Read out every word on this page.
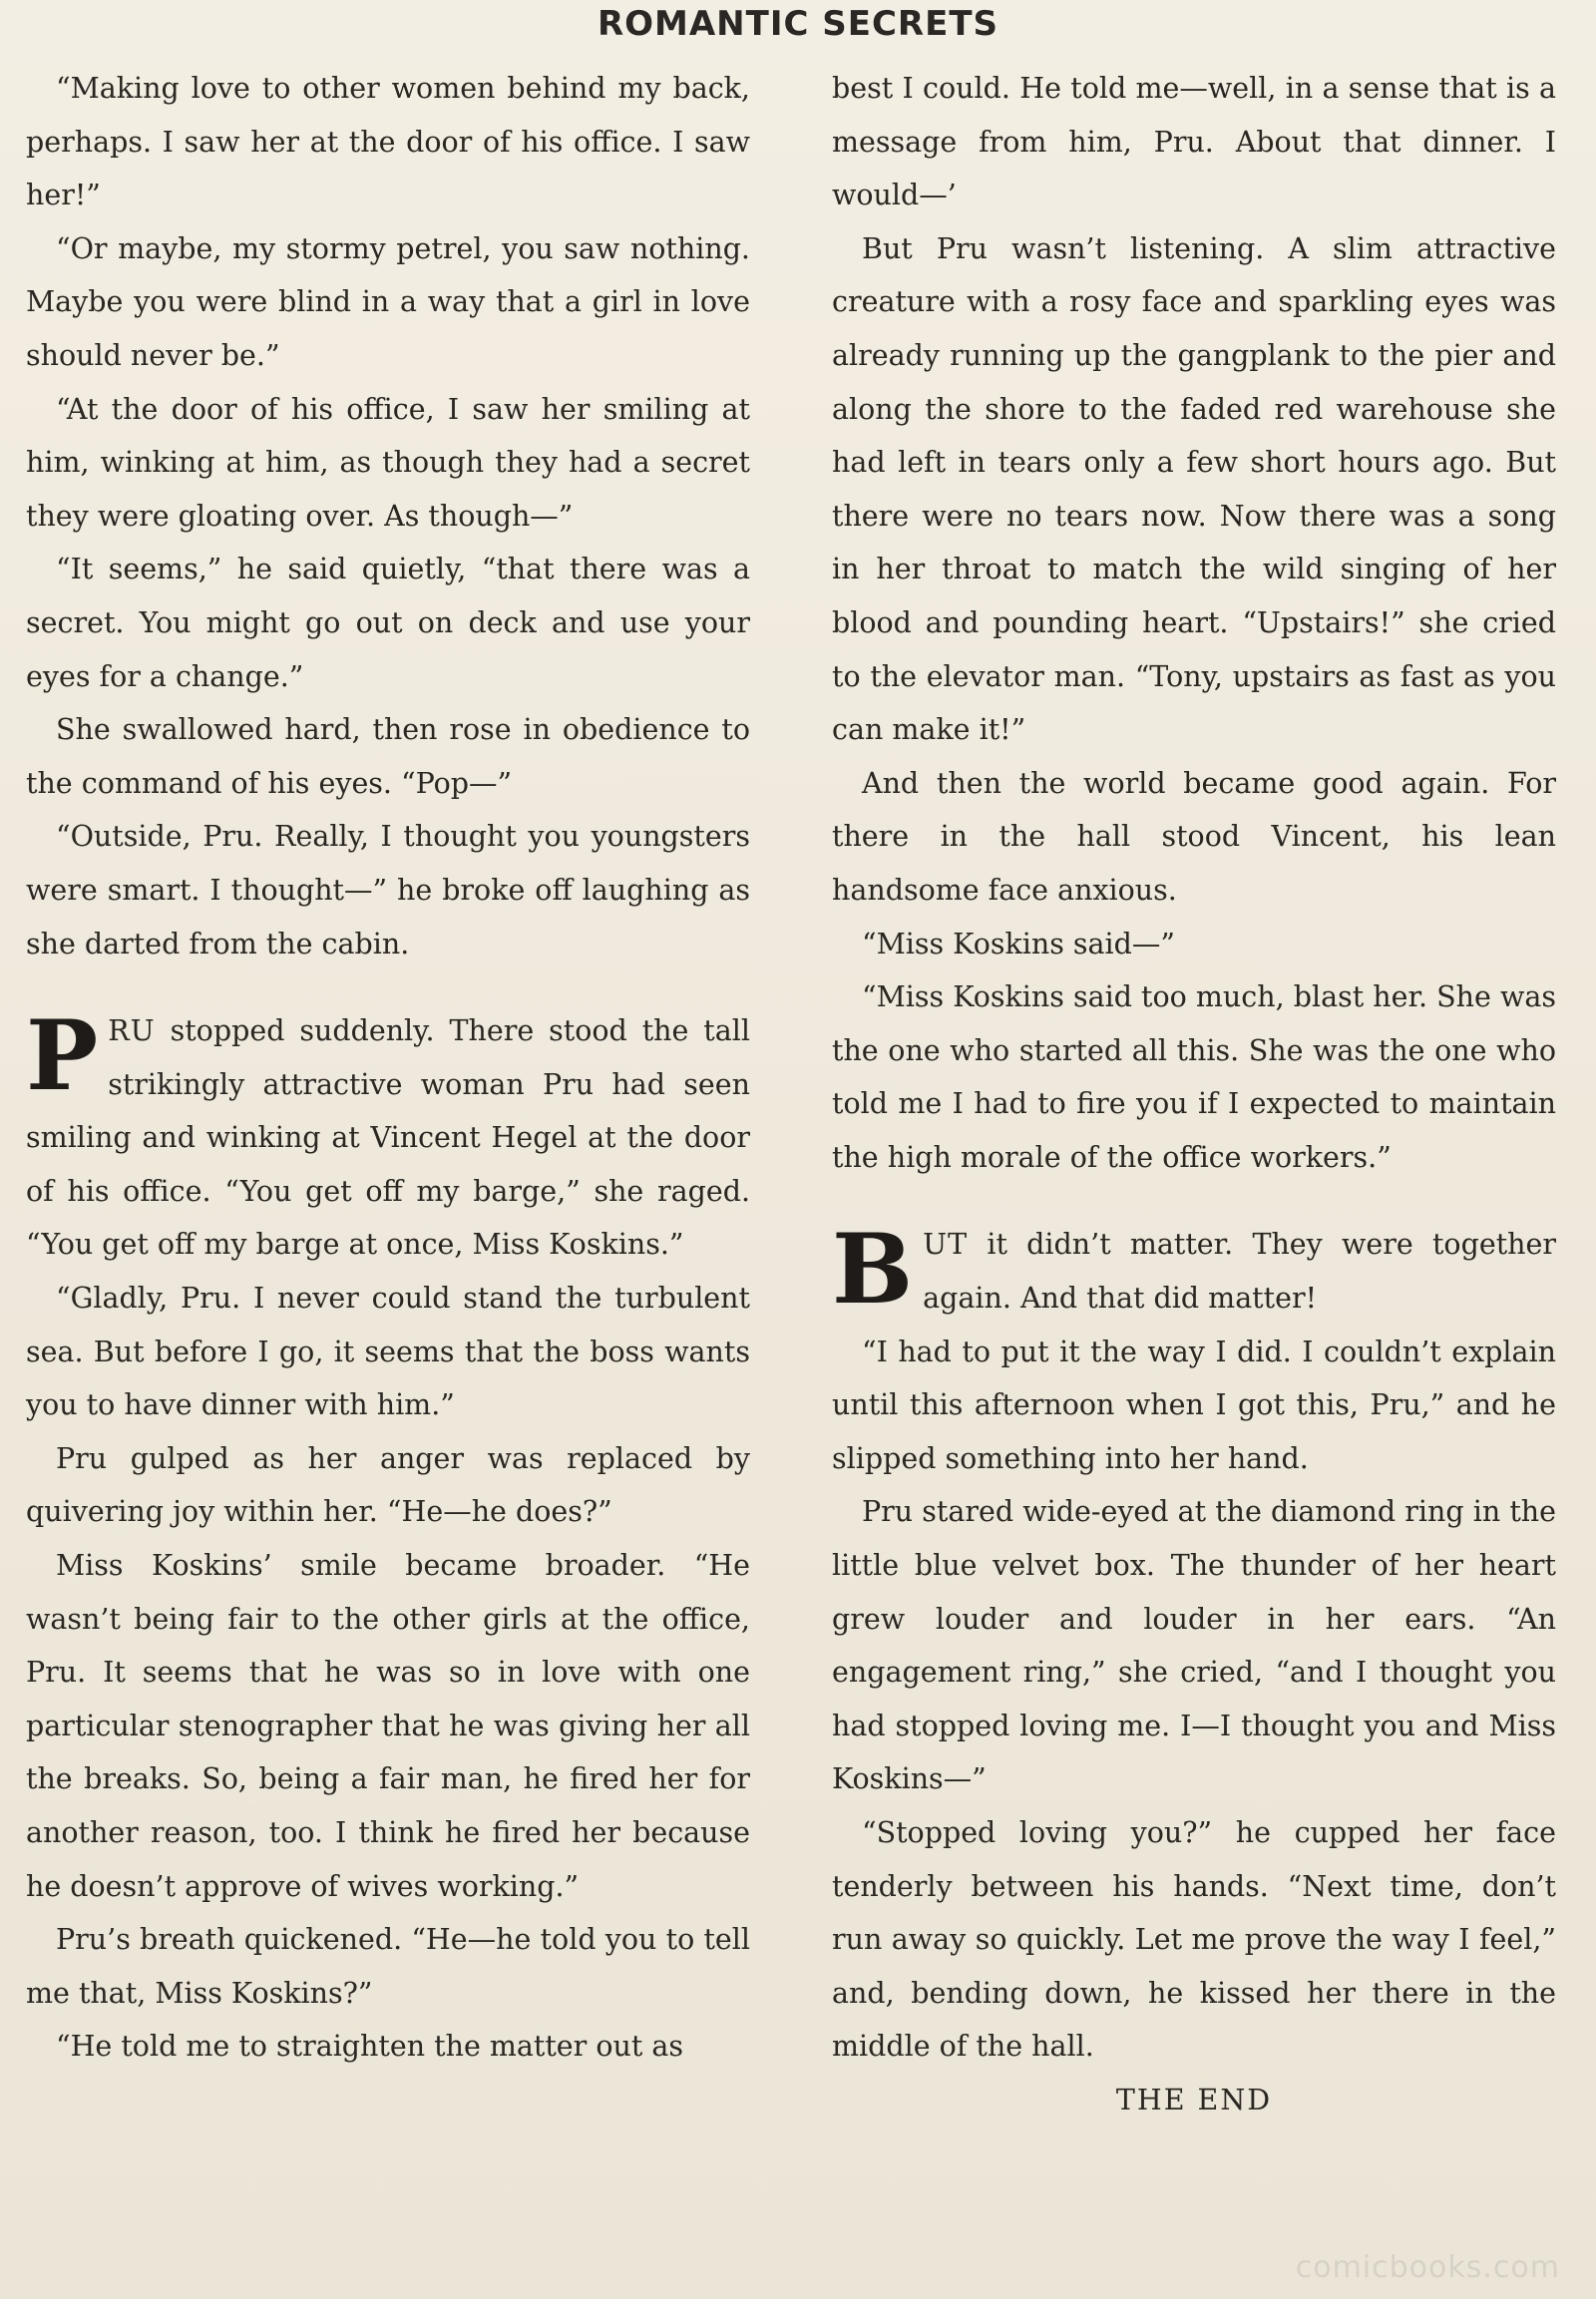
ROMANTIC SECRETS

“Making love to other women behind my back, perhaps. I saw her at the door of his office. I saw her!”

“Or maybe, my stormy petrel, you saw nothing. Maybe you were blind in a way that a girl in love should never be.”

“At the door of his office, I saw her smiling at him, winking at him, as though they had a secret they were gloating over. As though—”

“It seems,” he said quietly, “that there was a secret. You might go out on deck and use your eyes for a change.”

She swallowed hard, then rose in obedience to the command of his eyes. “Pop—”

“Outside, Pru. Really, I thought you youngsters were smart. I thought—” he broke off laughing as she darted from the cabin.

PRU stopped suddenly. There stood the tall strikingly attractive woman Pru had seen smiling and winking at Vincent Hegel at the door of his office. “You get off my barge,” she raged. “You get off my barge at once, Miss Koskins.”

“Gladly, Pru. I never could stand the turbulent sea. But before I go, it seems that the boss wants you to have dinner with him.”

Pru gulped as her anger was replaced by quivering joy within her. “He—he does?”

Miss Koskins’ smile became broader. “He wasn’t being fair to the other girls at the office, Pru. It seems that he was so in love with one particular stenographer that he was giving her all the breaks. So, being a fair man, he fired her for another reason, too. I think he fired her because he doesn’t approve of wives working.”

Pru’s breath quickened. “He—he told you to tell me that, Miss Koskins?”

“He told me to straighten the matter out as

best I could. He told me—well, in a sense that is a message from him, Pru. About that dinner. I would—’

But Pru wasn’t listening. A slim attractive creature with a rosy face and sparkling eyes was already running up the gangplank to the pier and along the shore to the faded red warehouse she had left in tears only a few short hours ago. But there were no tears now. Now there was a song in her throat to match the wild singing of her blood and pounding heart. “Upstairs!” she cried to the elevator man. “Tony, upstairs as fast as you can make it!”

And then the world became good again. For there in the hall stood Vincent, his lean handsome face anxious.

“Miss Koskins said—”

“Miss Koskins said too much, blast her. She was the one who started all this. She was the one who told me I had to fire you if I expected to maintain the high morale of the office workers.”

BUT it didn’t matter. They were together again. And that did matter!

“I had to put it the way I did. I couldn’t explain until this afternoon when I got this, Pru,” and he slipped something into her hand.

Pru stared wide-eyed at the diamond ring in the little blue velvet box. The thunder of her heart grew louder and louder in her ears. “An engagement ring,” she cried, “and I thought you had stopped loving me. I—I thought you and Miss Koskins—”

“Stopped loving you?” he cupped her face tenderly between his hands. “Next time, don’t run away so quickly. Let me prove the way I feel,” and, bending down, he kissed her there in the middle of the hall.

THE END

comicbooks.com
